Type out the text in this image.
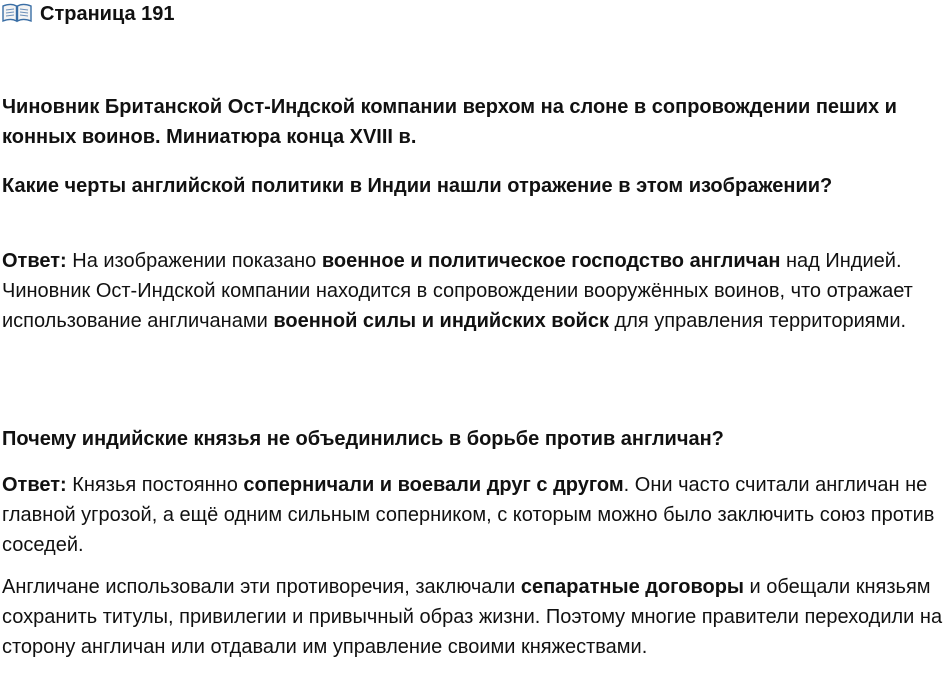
Страница 191

Чиновник Британской Ост-Индской компании верхом на слоне в сопровождении пеших и конных воинов. Миниатюра конца XVIII в.

Какие черты английской политики в Индии нашли отражение в этом изображении?

Ответ: На изображении показано военное и политическое господство англичан над Индией. Чиновник Ост-Индской компании находится в сопровождении вооружённых воинов, что отражает использование англичанами военной силы и индийских войск для управления территориями.

Почему индийские князья не объединились в борьбе против англичан?

Ответ: Князья постоянно соперничали и воевали друг с другом. Они часто считали англичан не главной угрозой, а ещё одним сильным соперником, с которым можно было заключить союз против соседей.

Англичане использовали эти противоречия, заключали сепаратные договоры и обещали князьям сохранить титулы, привилегии и привычный образ жизни. Поэтому многие правители переходили на сторону англичан или отдавали им управление своими княжествами.
